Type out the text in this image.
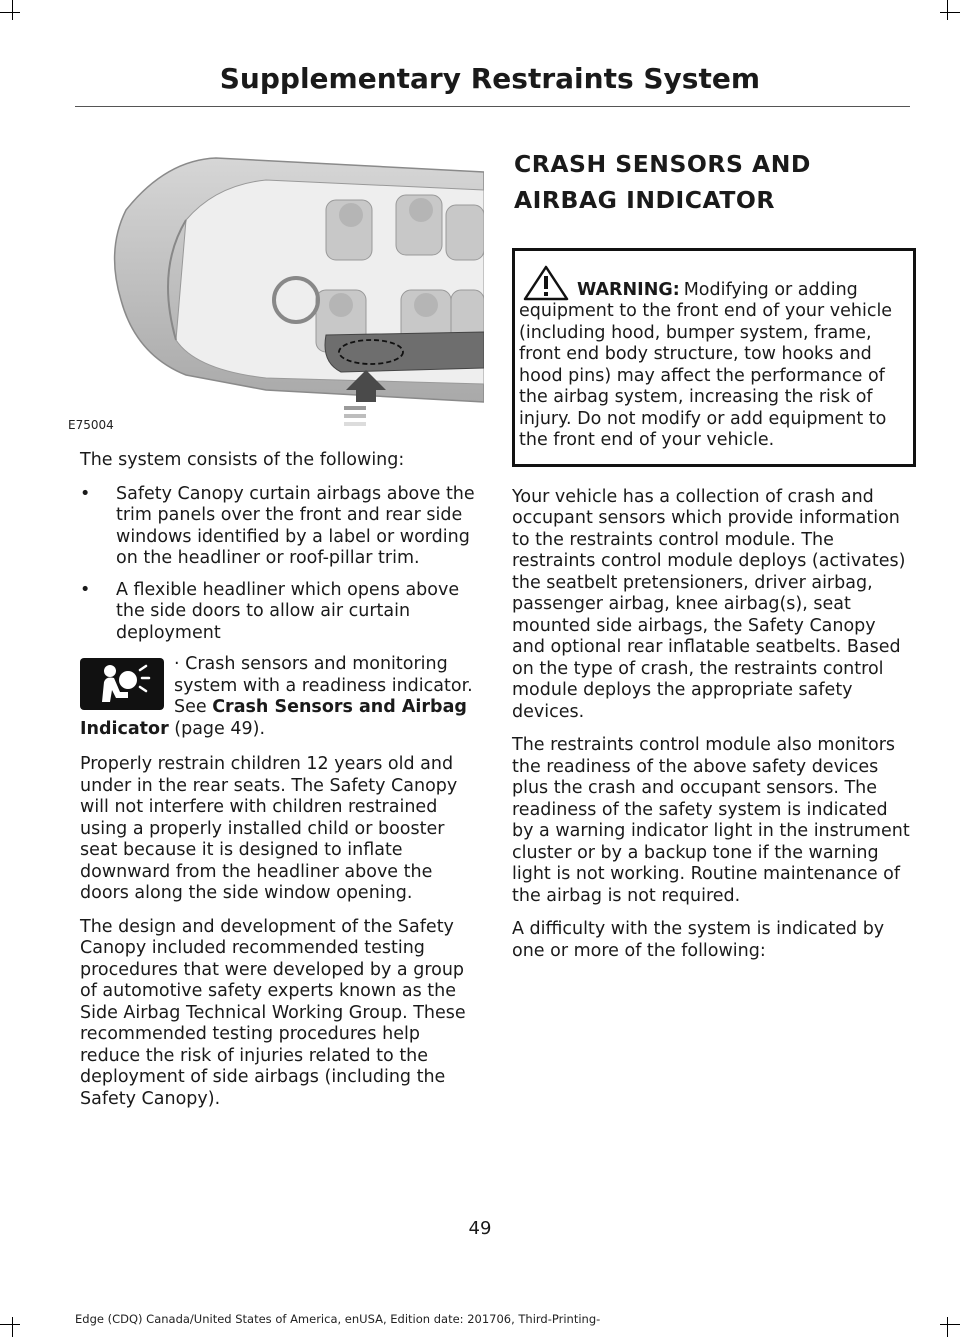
Supplementary Restraints System
E75004

The system consists of the following:

• Safety Canopy curtain airbags above the trim panels over the front and rear side windows identified by a label or wording on the headliner or roof-pillar trim.
• A flexible headliner which opens above the side doors to allow air curtain deployment
· Crash sensors and monitoring system with a readiness indicator. See Crash Sensors and Airbag Indicator (page 49).

Properly restrain children 12 years old and under in the rear seats. The Safety Canopy will not interfere with children restrained using a properly installed child or booster seat because it is designed to inflate downward from the headliner above the doors along the side window opening.

The design and development of the Safety Canopy included recommended testing procedures that were developed by a group of automotive safety experts known as the Side Airbag Technical Working Group. These recommended testing procedures help reduce the risk of injuries related to the deployment of side airbags (including the Safety Canopy).

CRASH SENSORS AND
AIRBAG INDICATOR
WARNING: Modifying or adding
equipment to the front end of your vehicle (including hood, bumper system, frame, front end body structure, tow hooks and hood pins) may affect the performance of the airbag system, increasing the risk of injury. Do not modify or add equipment to the front end of your vehicle.

Your vehicle has a collection of crash and occupant sensors which provide information to the restraints control module. The restraints control module deploys (activates) the seatbelt pretensioners, driver airbag, passenger airbag, knee airbag(s), seat mounted side airbags, the Safety Canopy and optional rear inflatable seatbelts. Based on the type of crash, the restraints control module deploys the appropriate safety devices.

The restraints control module also monitors the readiness of the above safety devices plus the crash and occupant sensors. The readiness of the safety system is indicated by a warning indicator light in the instrument cluster or by a backup tone if the warning light is not working. Routine maintenance of the airbag is not required.

A difficulty with the system is indicated by one or more of the following:

49
Edge (CDQ) Canada/United States of America, enUSA, Edition date: 201706, Third-Printing-
